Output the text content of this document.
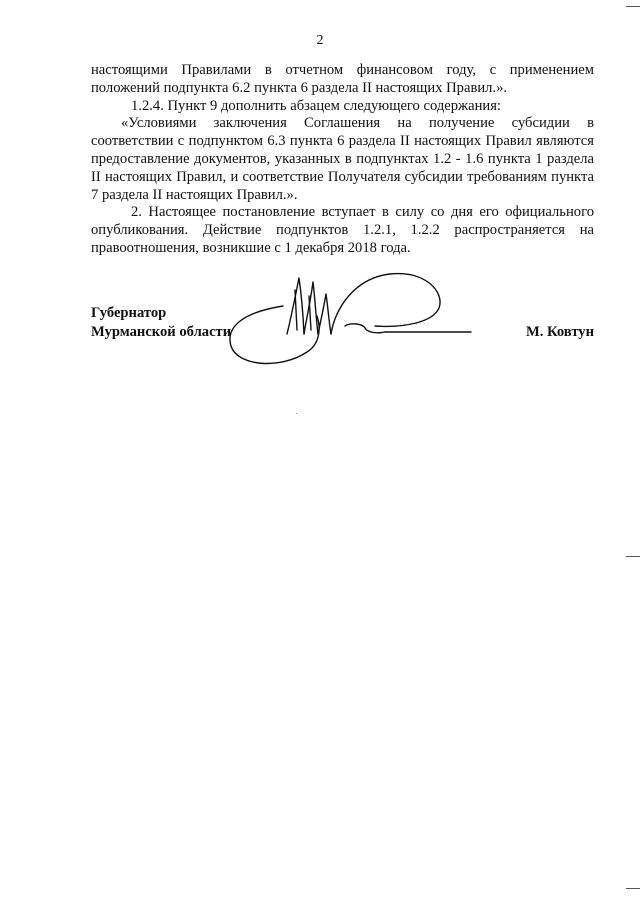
2

настоящими Правилами в отчетном финансовом году, с применением положений подпункта 6.2 пункта 6 раздела II настоящих Правил.».

1.2.4. Пункт 9 дополнить абзацем следующего содержания:

«Условиями заключения Соглашения на получение субсидии в соответствии с подпунктом 6.3 пункта 6 раздела II настоящих Правил являются предоставление документов, указанных в подпунктах 1.2 - 1.6 пункта 1 раздела II настоящих Правил, и соответствие Получателя субсидии требованиям пункта 7 раздела II настоящих Правил.».

2. Настоящее постановление вступает в силу со дня его официального опубликования. Действие подпунктов 1.2.1, 1.2.2 распространяется на правоотношения, возникшие с 1 декабря 2018 года.

Губернатор
Мурманской области	М. Ковтун
